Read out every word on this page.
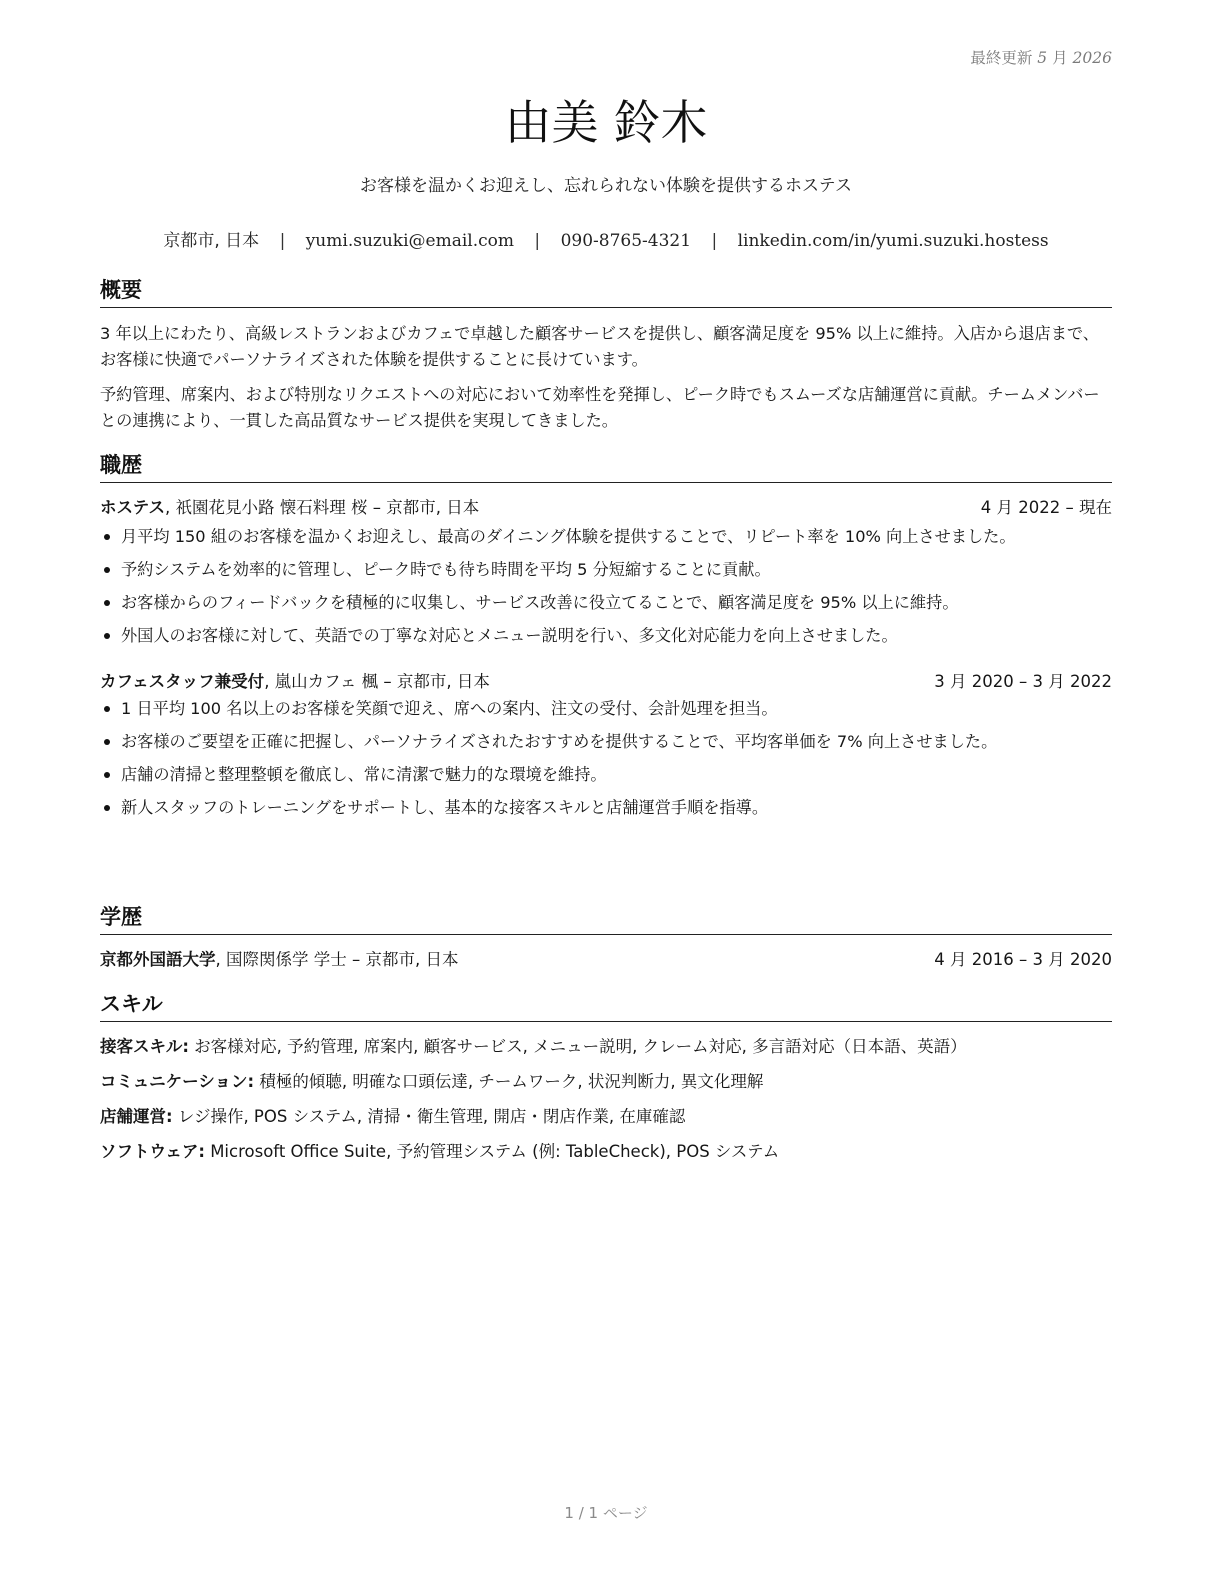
最終更新 5 月 2026
由美 鈴木
お客様を温かくお迎えし、忘れられない体験を提供するホステス
京都市, 日本 | yumi.suzuki@email.com | 090-8765-4321 | linkedin.com/in/yumi.suzuki.hostess
概要

3 年以上にわたり、高級レストランおよびカフェで卓越した顧客サービスを提供し、顧客満足度を 95% 以上に維持。入店から退店まで、お客様に快適でパーソナライズされた体験を提供することに長けています。

予約管理、席案内、および特別なリクエストへの対応において効率性を発揮し、ピーク時でもスムーズな店舗運営に貢献。チームメンバーとの連携により、一貫した高品質なサービス提供を実現してきました。

職歴
ホステス, 祇園花見小路 懐石料理 桜 – 京都市, 日本	4 月 2022 – 現在
月平均 150 組のお客様を温かくお迎えし、最高のダイニング体験を提供することで、リピート率を 10% 向上させました。
予約システムを効率的に管理し、ピーク時でも待ち時間を平均 5 分短縮することに貢献。
お客様からのフィードバックを積極的に収集し、サービス改善に役立てることで、顧客満足度を 95% 以上に維持。
外国人のお客様に対して、英語での丁寧な対応とメニュー説明を行い、多文化対応能力を向上させました。
カフェスタッフ兼受付, 嵐山カフェ 楓 – 京都市, 日本	3 月 2020 – 3 月 2022
1 日平均 100 名以上のお客様を笑顔で迎え、席への案内、注文の受付、会計処理を担当。
お客様のご要望を正確に把握し、パーソナライズされたおすすめを提供することで、平均客単価を 7% 向上させました。
店舗の清掃と整理整頓を徹底し、常に清潔で魅力的な環境を維持。
新人スタッフのトレーニングをサポートし、基本的な接客スキルと店舗運営手順を指導。
学歴
京都外国語大学, 国際関係学 学士 – 京都市, 日本	4 月 2016 – 3 月 2020
スキル
接客スキル: お客様対応, 予約管理, 席案内, 顧客サービス, メニュー説明, クレーム対応, 多言語対応（日本語、英語）
コミュニケーション: 積極的傾聴, 明確な口頭伝達, チームワーク, 状況判断力, 異文化理解
店舗運営: レジ操作, POS システム, 清掃・衛生管理, 開店・閉店作業, 在庫確認
ソフトウェア: Microsoft Office Suite, 予約管理システム (例: TableCheck), POS システム
1 / 1 ページ
